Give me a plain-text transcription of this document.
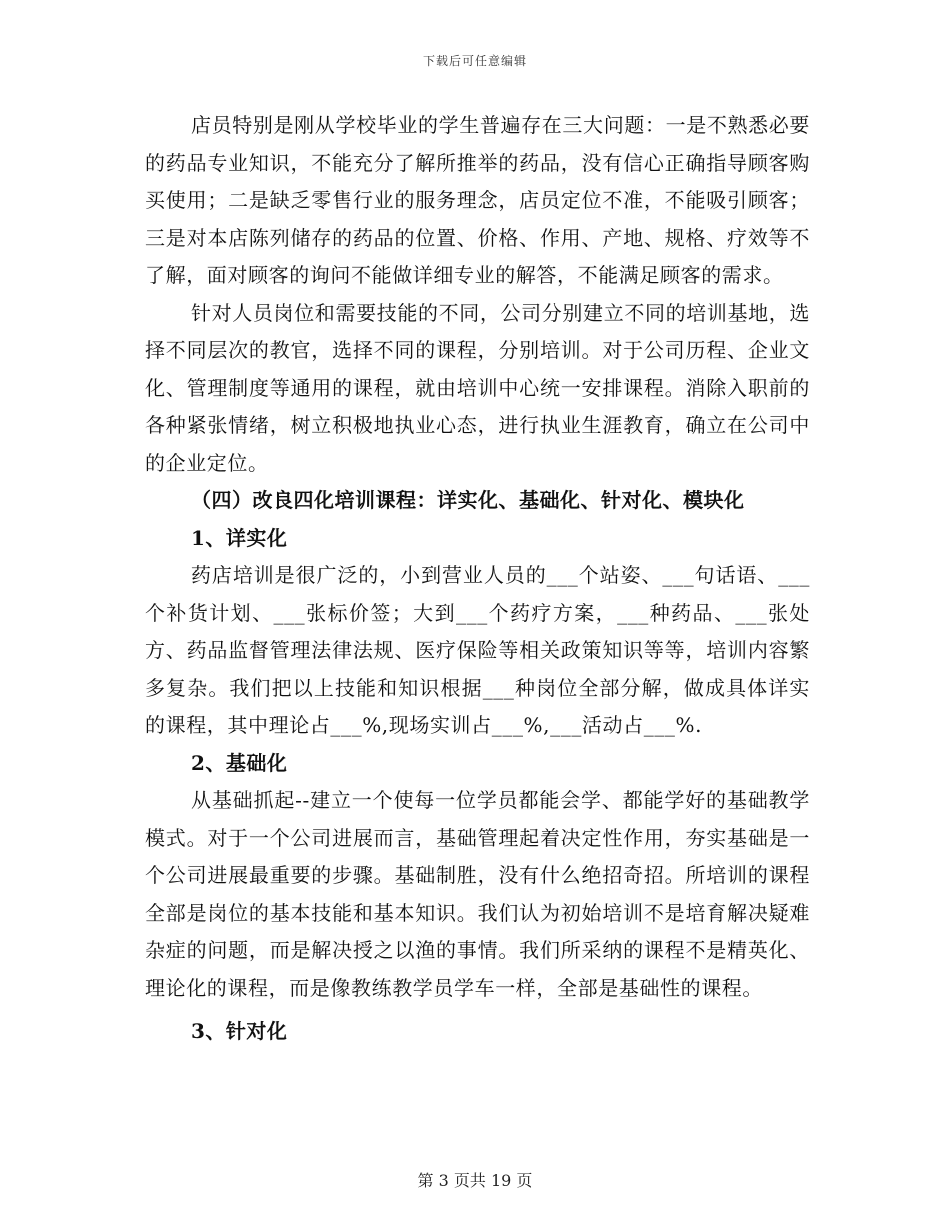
下载后可任意编辑

店员特别是刚从学校毕业的学生普遍存在三大问题：一是不熟悉必要的药品专业知识，不能充分了解所推举的药品，没有信心正确指导顾客购买使用；二是缺乏零售行业的服务理念，店员定位不准，不能吸引顾客；三是对本店陈列储存的药品的位置、价格、作用、产地、规格、疗效等不了解，面对顾客的询问不能做详细专业的解答，不能满足顾客的需求。

针对人员岗位和需要技能的不同，公司分别建立不同的培训基地，选择不同层次的教官，选择不同的课程，分别培训。对于公司历程、企业文化、管理制度等通用的课程，就由培训中心统一安排课程。消除入职前的各种紧张情绪，树立积极地执业心态，进行执业生涯教育，确立在公司中的企业定位。

（四）改良四化培训课程：详实化、基础化、针对化、模块化

1、详实化

药店培训是很广泛的，小到营业人员的___个站姿、___句话语、___个补货计划、___张标价签；大到___个药疗方案，___种药品、___张处方、药品监督管理法律法规、医疗保险等相关政策知识等等，培训内容繁多复杂。我们把以上技能和知识根据___种岗位全部分解，做成具体详实的课程，其中理论占___%,现场实训占___%,___活动占___%.

2、基础化

从基础抓起--建立一个使每一位学员都能会学、都能学好的基础教学模式。对于一个公司进展而言，基础管理起着决定性作用，夯实基础是一个公司进展最重要的步骤。基础制胜，没有什么绝招奇招。所培训的课程全部是岗位的基本技能和基本知识。我们认为初始培训不是培育解决疑难杂症的问题，而是解决授之以渔的事情。我们所采纳的课程不是精英化、理论化的课程，而是像教练教学员学车一样，全部是基础性的课程。

3、针对化

第 3 页共 19 页
